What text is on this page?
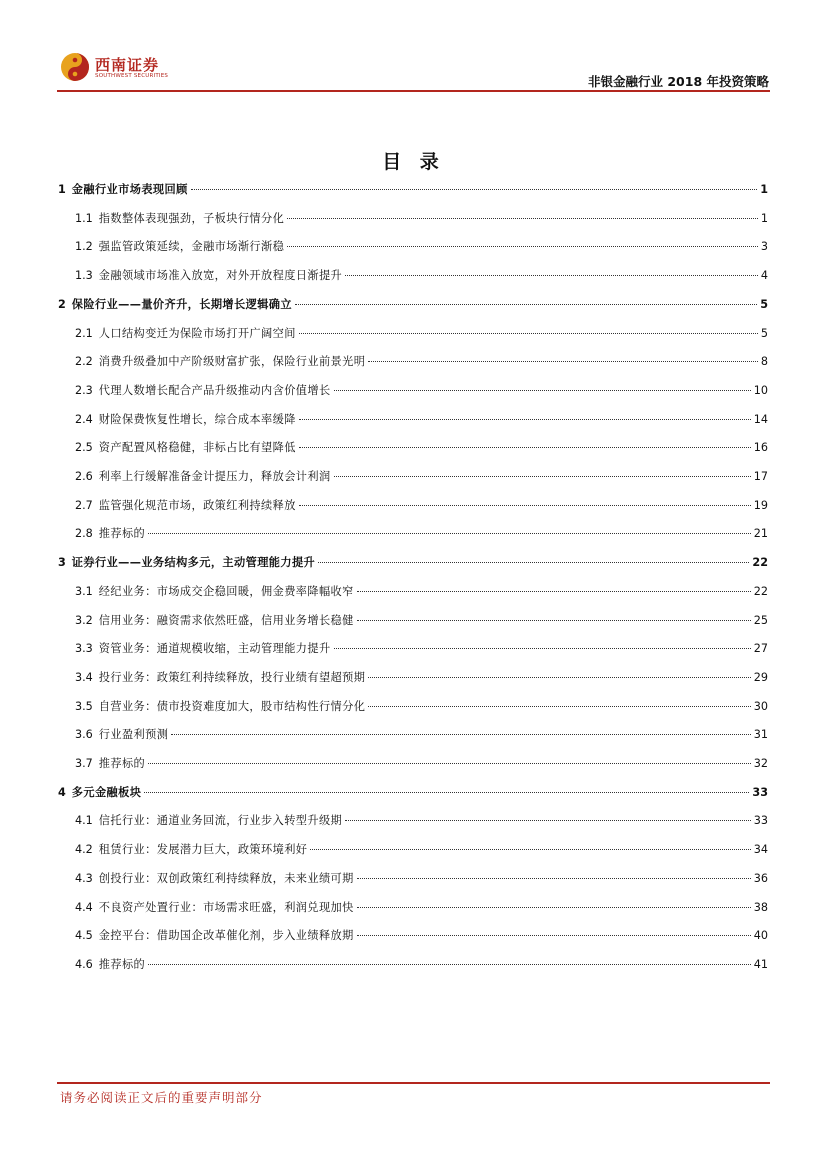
西南证券
SOUTHWEST SECURITIES	非银金融行业 2018 年投资策略
目 录
1 金融行业市场表现回顾	1
1.1 指数整体表现强劲，子板块行情分化	1
1.2 强监管政策延续，金融市场渐行渐稳	3
1.3 金融领域市场准入放宽，对外开放程度日渐提升	4
2 保险行业——量价齐升，长期增长逻辑确立	5
2.1 人口结构变迁为保险市场打开广阔空间	5
2.2 消费升级叠加中产阶级财富扩张，保险行业前景光明	8
2.3 代理人数增长配合产品升级推动内含价值增长	10
2.4 财险保费恢复性增长，综合成本率缓降	14
2.5 资产配置风格稳健，非标占比有望降低	16
2.6 利率上行缓解准备金计提压力，释放会计利润	17
2.7 监管强化规范市场，政策红利持续释放	19
2.8 推荐标的	21
3 证券行业——业务结构多元，主动管理能力提升	22
3.1 经纪业务：市场成交企稳回暖，佣金费率降幅收窄	22
3.2 信用业务：融资需求依然旺盛，信用业务增长稳健	25
3.3 资管业务：通道规模收缩，主动管理能力提升	27
3.4 投行业务：政策红利持续释放，投行业绩有望超预期	29
3.5 自营业务：债市投资难度加大，股市结构性行情分化	30
3.6 行业盈利预测	31
3.7 推荐标的	32
4 多元金融板块	33
4.1 信托行业：通道业务回流，行业步入转型升级期	33
4.2 租赁行业：发展潜力巨大，政策环境利好	34
4.3 创投行业：双创政策红利持续释放，未来业绩可期	36
4.4 不良资产处置行业：市场需求旺盛，利润兑现加快	38
4.5 金控平台：借助国企改革催化剂，步入业绩释放期	40
4.6 推荐标的	41
请务必阅读正文后的重要声明部分
